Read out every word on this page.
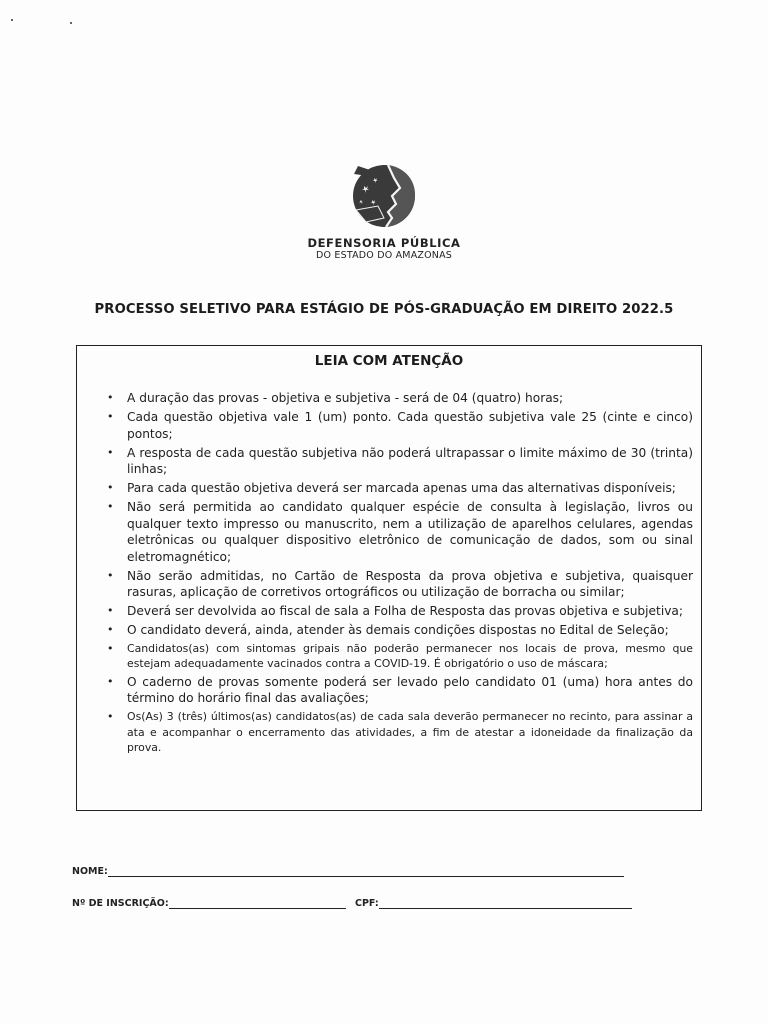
DEFENSORIA PÚBLICA
DO ESTADO DO AMAZONAS
PROCESSO SELETIVO PARA ESTÁGIO DE PÓS-GRADUAÇÃO EM DIREITO 2022.5
LEIA COM ATENÇÃO
• A duração das provas - objetiva e subjetiva - será de 04 (quatro) horas;
• Cada questão objetiva vale 1 (um) ponto. Cada questão subjetiva vale 25 (cinte e cinco) pontos;
• A resposta de cada questão subjetiva não poderá ultrapassar o limite máximo de 30 (trinta) linhas;
• Para cada questão objetiva deverá ser marcada apenas uma das alternativas disponíveis;
• Não será permitida ao candidato qualquer espécie de consulta à legislação, livros ou qualquer texto impresso ou manuscrito, nem a utilização de aparelhos celulares, agendas eletrônicas ou qualquer dispositivo eletrônico de comunicação de dados, som ou sinal eletromagnético;
• Não serão admitidas, no Cartão de Resposta da prova objetiva e subjetiva, quaisquer rasuras, aplicação de corretivos ortográficos ou utilização de borracha ou similar;
• Deverá ser devolvida ao fiscal de sala a Folha de Resposta das provas objetiva e subjetiva;
• O candidato deverá, ainda, atender às demais condições dispostas no Edital de Seleção;
• Candidatos(as) com sintomas gripais não poderão permanecer nos locais de prova, mesmo que estejam adequadamente vacinados contra a COVID-19. É obrigatório o uso de máscara;
• O caderno de provas somente poderá ser levado pelo candidato 01 (uma) hora antes do término do horário final das avaliações;
• Os(As) 3 (três) últimos(as) candidatos(as) de cada sala deverão permanecer no recinto, para assinar a ata e acompanhar o encerramento das atividades, a fim de atestar a idoneidade da finalização da prova.
NOME:
Nº DE INSCRIÇÃO:	CPF:
